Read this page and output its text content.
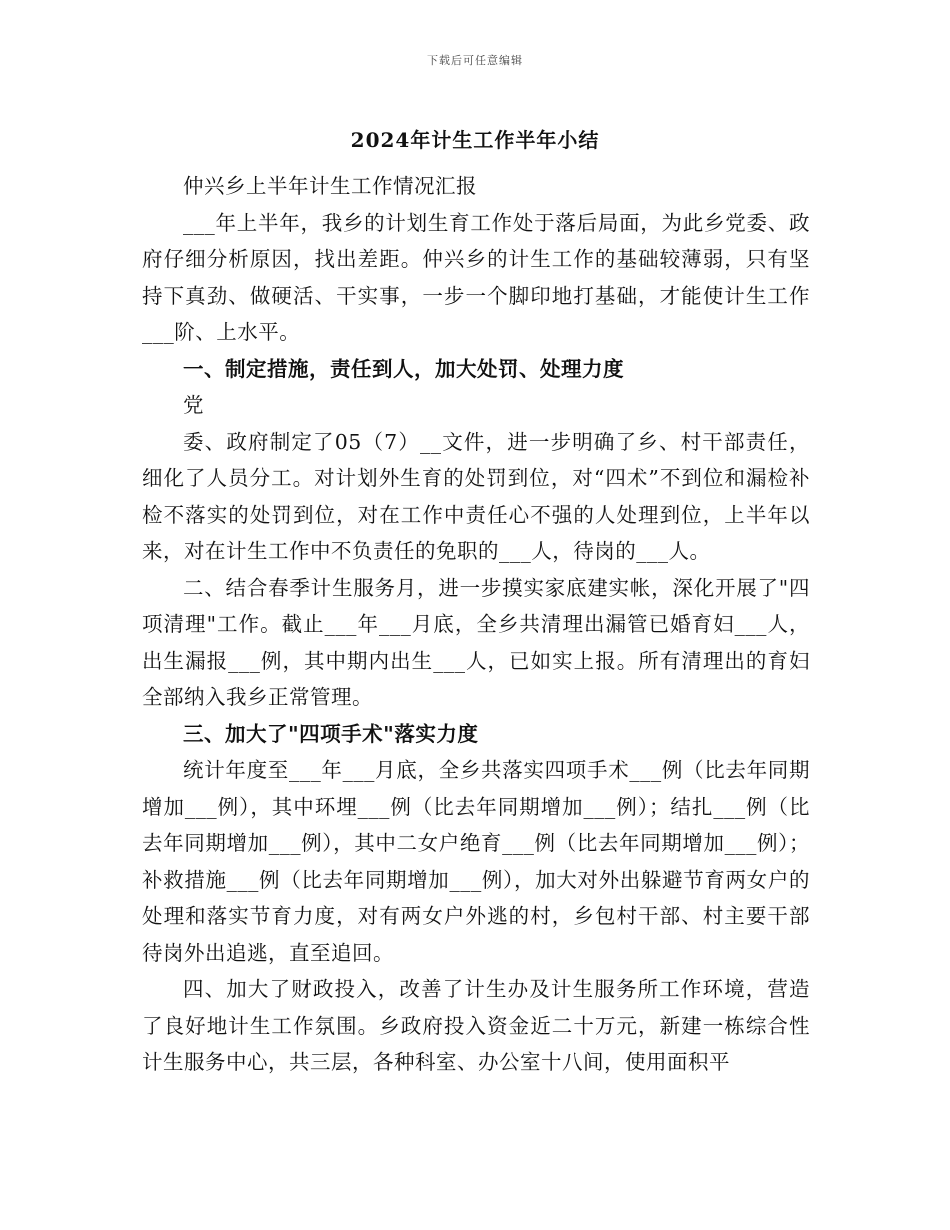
下载后可任意编辑
2024年计生工作半年小结

仲兴乡上半年计生工作情况汇报

___年上半年，我乡的计划生育工作处于落后局面，为此乡党委、政府仔细分析原因，找出差距。仲兴乡的计生工作的基础较薄弱，只有坚持下真劲、做硬活、干实事，一步一个脚印地打基础，才能使计生工作___阶、上水平。

一、制定措施，责任到人，加大处罚、处理力度

党

委、政府制定了05（7）__文件，进一步明确了乡、村干部责任，细化了人员分工。对计划外生育的处罚到位，对“四术”不到位和漏检补检不落实的处罚到位，对在工作中责任心不强的人处理到位，上半年以来，对在计生工作中不负责任的免职的___人，待岗的___人。

二、结合春季计生服务月，进一步摸实家底建实帐，深化开展了"四项清理"工作。截止___年___月底，全乡共清理出漏管已婚育妇___人，出生漏报___例，其中期内出生___人，已如实上报。所有清理出的育妇全部纳入我乡正常管理。

三、加大了"四项手术"落实力度

统计年度至___年___月底，全乡共落实四项手术___例（比去年同期增加___例），其中环埋___例（比去年同期增加___例）；结扎___例（比去年同期增加___例），其中二女户绝育___例（比去年同期增加___例）；补救措施___例（比去年同期增加___例），加大对外出躲避节育两女户的处理和落实节育力度，对有两女户外逃的村，乡包村干部、村主要干部待岗外出追逃，直至追回。

四、加大了财政投入，改善了计生办及计生服务所工作环境，营造了良好地计生工作氛围。乡政府投入资金近二十万元，新建一栋综合性计生服务中心，共三层，各种科室、办公室十八间，使用面积平
